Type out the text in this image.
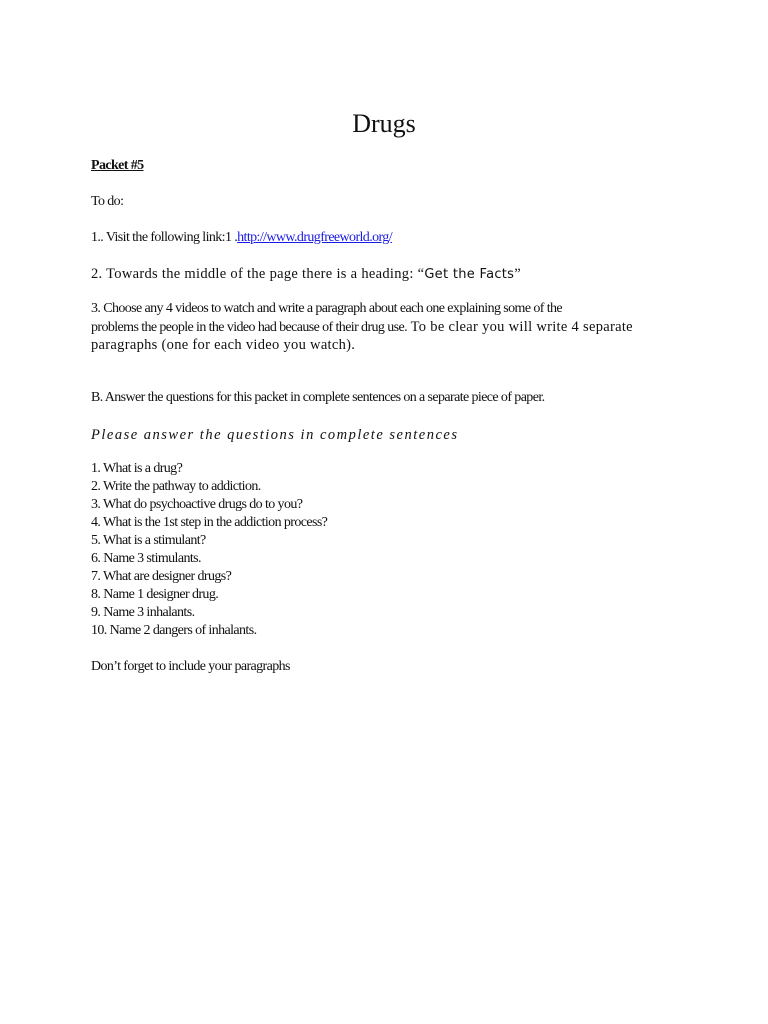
Drugs
Packet #5
To do:
1.. Visit the following link:1 .http://www.drugfreeworld.org/
2. Towards the middle of the page there is a heading: “Get the Facts”
3. Choose any 4 videos to watch and write a paragraph about each one explaining some of the
problems the people in the video had because of their drug use. To be clear you will write 4 separate
paragraphs (one for each video you watch).
B. Answer the questions for this packet in complete sentences on a separate piece of paper.
Please answer the questions in complete sentences
1. What is a drug?
2. Write the pathway to addiction.
3. What do psychoactive drugs do to you?
4. What is the 1st step in the addiction process?
5. What is a stimulant?
6. Name 3 stimulants.
7. What are designer drugs?
8. Name 1 designer drug.
9. Name 3 inhalants.
10. Name 2 dangers of inhalants.
Don’t forget to include your paragraphs
